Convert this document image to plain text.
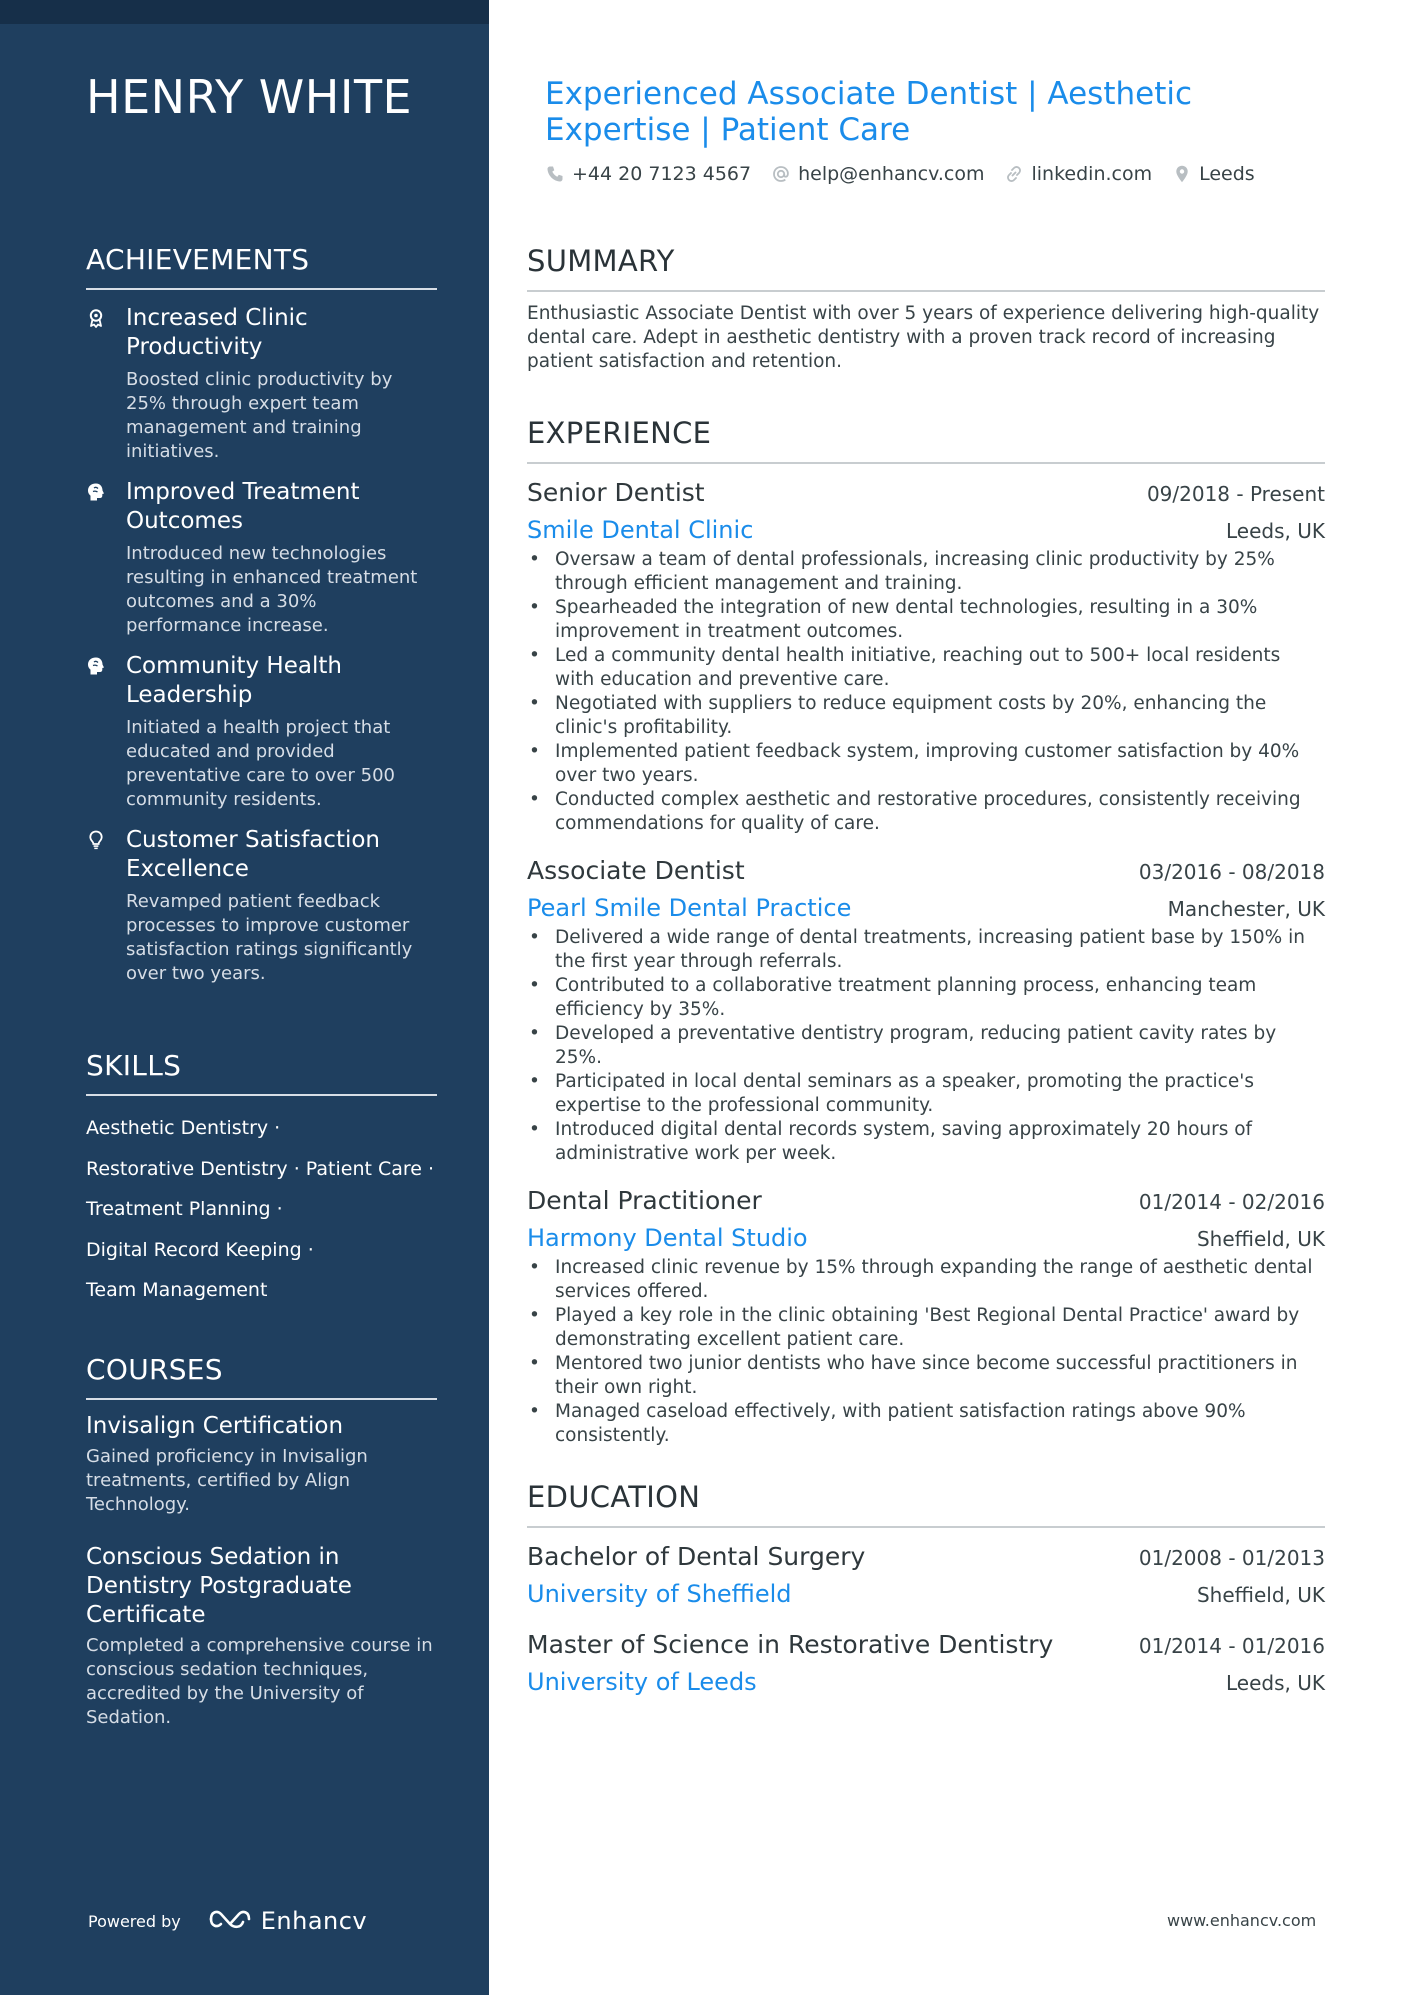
HENRY WHITE
ACHIEVEMENTS
Increased Clinic Productivity
Boosted clinic productivity by 25% through expert team management and training initiatives.
Improved Treatment Outcomes
Introduced new technologies resulting in enhanced treatment outcomes and a 30% performance increase.
Community Health Leadership
Initiated a health project that educated and provided preventative care to over 500 community residents.
Customer Satisfaction Excellence
Revamped patient feedback processes to improve customer satisfaction ratings significantly over two years.
SKILLS
Aesthetic Dentistry ·
Restorative Dentistry · Patient Care ·
Treatment Planning ·
Digital Record Keeping ·
Team Management
COURSES
Invisalign Certification
Gained proficiency in Invisalign treatments, certified by Align Technology.
Conscious Sedation in Dentistry Postgraduate Certificate
Completed a comprehensive course in conscious sedation techniques, accredited by the University of Sedation.
Powered by	Enhancv
Experienced Associate Dentist | Aesthetic Expertise | Patient Care
+44 20 7123 4567 help@enhancv.com linkedin.com Leeds
SUMMARY
Enthusiastic Associate Dentist with over 5 years of experience delivering high-quality dental care. Adept in aesthetic dentistry with a proven track record of increasing patient satisfaction and retention.
EXPERIENCE
Senior Dentist	09/2018 - Present
Smile Dental Clinic	Leeds, UK
• Oversaw a team of dental professionals, increasing clinic productivity by 25% through efficient management and training.
• Spearheaded the integration of new dental technologies, resulting in a 30% improvement in treatment outcomes.
• Led a community dental health initiative, reaching out to 500+ local residents with education and preventive care.
• Negotiated with suppliers to reduce equipment costs by 20%, enhancing the clinic's profitability.
• Implemented patient feedback system, improving customer satisfaction by 40% over two years.
• Conducted complex aesthetic and restorative procedures, consistently receiving commendations for quality of care.
Associate Dentist	03/2016 - 08/2018
Pearl Smile Dental Practice	Manchester, UK
• Delivered a wide range of dental treatments, increasing patient base by 150% in the first year through referrals.
• Contributed to a collaborative treatment planning process, enhancing team efficiency by 35%.
• Developed a preventative dentistry program, reducing patient cavity rates by 25%.
• Participated in local dental seminars as a speaker, promoting the practice's expertise to the professional community.
• Introduced digital dental records system, saving approximately 20 hours of administrative work per week.
Dental Practitioner	01/2014 - 02/2016
Harmony Dental Studio	Sheffield, UK
• Increased clinic revenue by 15% through expanding the range of aesthetic dental services offered.
• Played a key role in the clinic obtaining 'Best Regional Dental Practice' award by demonstrating excellent patient care.
• Mentored two junior dentists who have since become successful practitioners in their own right.
• Managed caseload effectively, with patient satisfaction ratings above 90% consistently.
EDUCATION
Bachelor of Dental Surgery	01/2008 - 01/2013
University of Sheffield	Sheffield, UK
Master of Science in Restorative Dentistry	01/2014 - 01/2016
University of Leeds	Leeds, UK
www.enhancv.com
